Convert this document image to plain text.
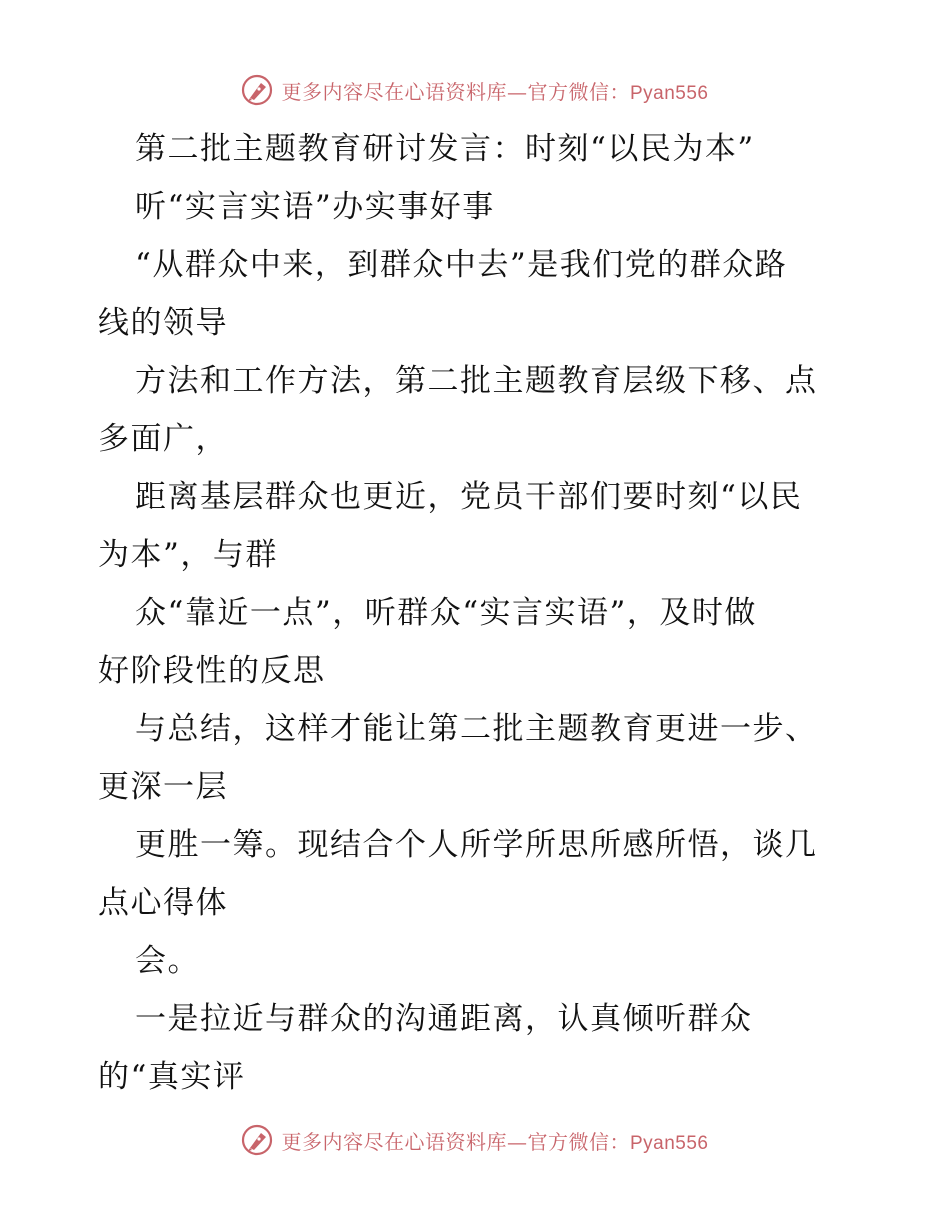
更多内容尽在心语资料库—官方微信：Pyan556
第二批主题教育研讨发言：时刻“以民为本”
听“实言实语”办实事好事
“从群众中来，到群众中去”是我们党的群众路
线的领导
方法和工作方法，第二批主题教育层级下移、点
多面广，
距离基层群众也更近，党员干部们要时刻“以民
为本”，与群
众“靠近一点”，听群众“实言实语”，及时做
好阶段性的反思
与总结，这样才能让第二批主题教育更进一步、
更深一层
更胜一筹。现结合个人所学所思所感所悟，谈几
点心得体
会。
一是拉近与群众的沟通距离，认真倾听群众
的“真实评
更多内容尽在心语资料库—官方微信：Pyan556
